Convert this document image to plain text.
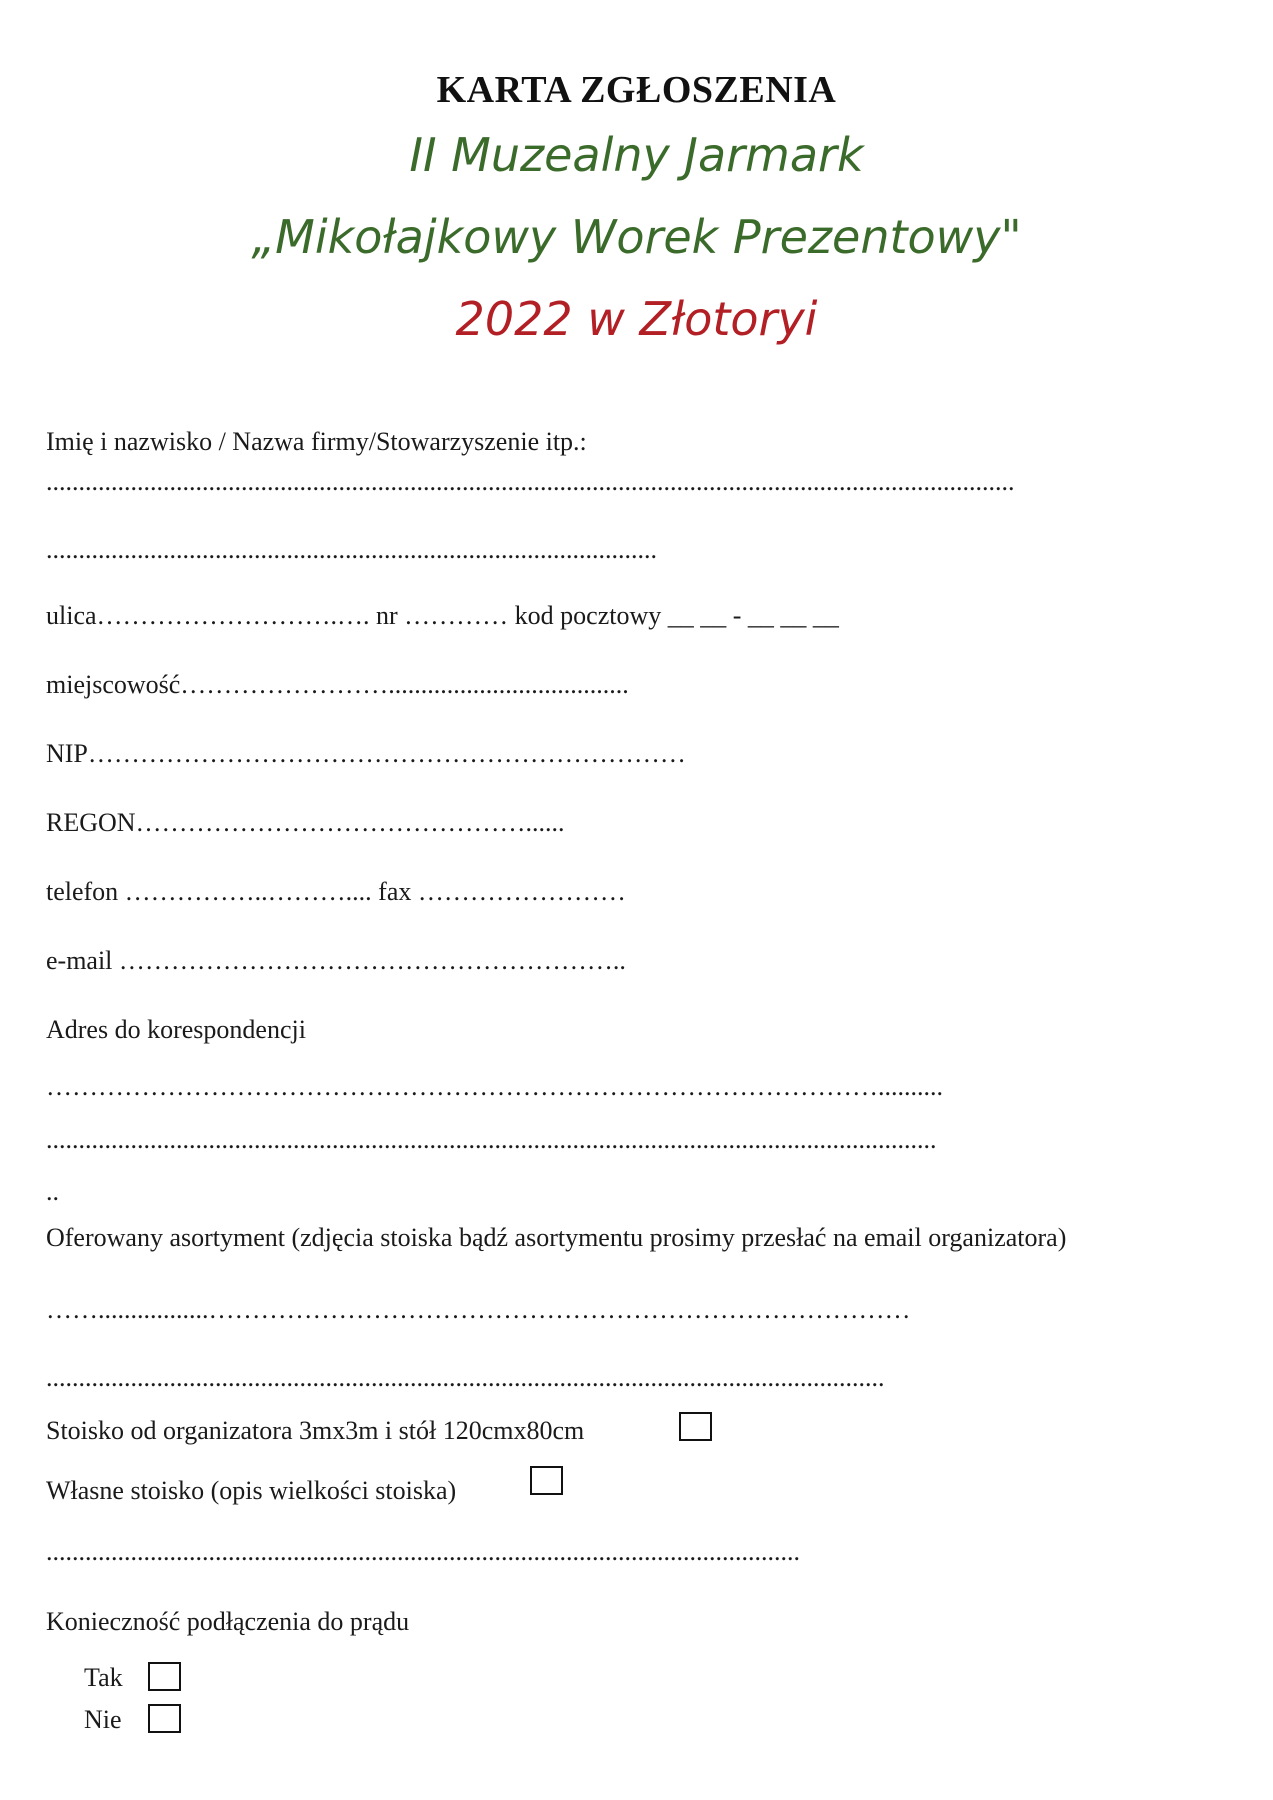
KARTA ZGŁOSZENIA
II Muzealny Jarmark
„Mikołajkowy Worek Prezentowy"
2022 w Złotoryi
Imię i nazwisko / Nazwa firmy/Stowarzyszenie itp.:
.....................................................................................................................................................
..............................................................................................
ulica……………………….…. nr ………… kod pocztowy __ __ - __ __ __
miejscowość…………………….....................................
NIP……………………………………………………………
REGON………………………………………......
telefon ……………..……….... fax ……………………
e-mail …………………………………………………..
Adres do korespondencji
……………………………………………………………………………………..........
.........................................................................................................................................
..
Oferowany asortyment (zdjęcia stoiska bądź asortymentu prosimy przesłać na email organizatora)
…….................………………………………………………………………………
.................................................................................................................................
Stoisko od organizatora 3mx3m i stół 120cmx80cm
Własne stoisko (opis wielkości stoiska)
....................................................................................................................
Konieczność podłączenia do prądu
Tak
Nie
